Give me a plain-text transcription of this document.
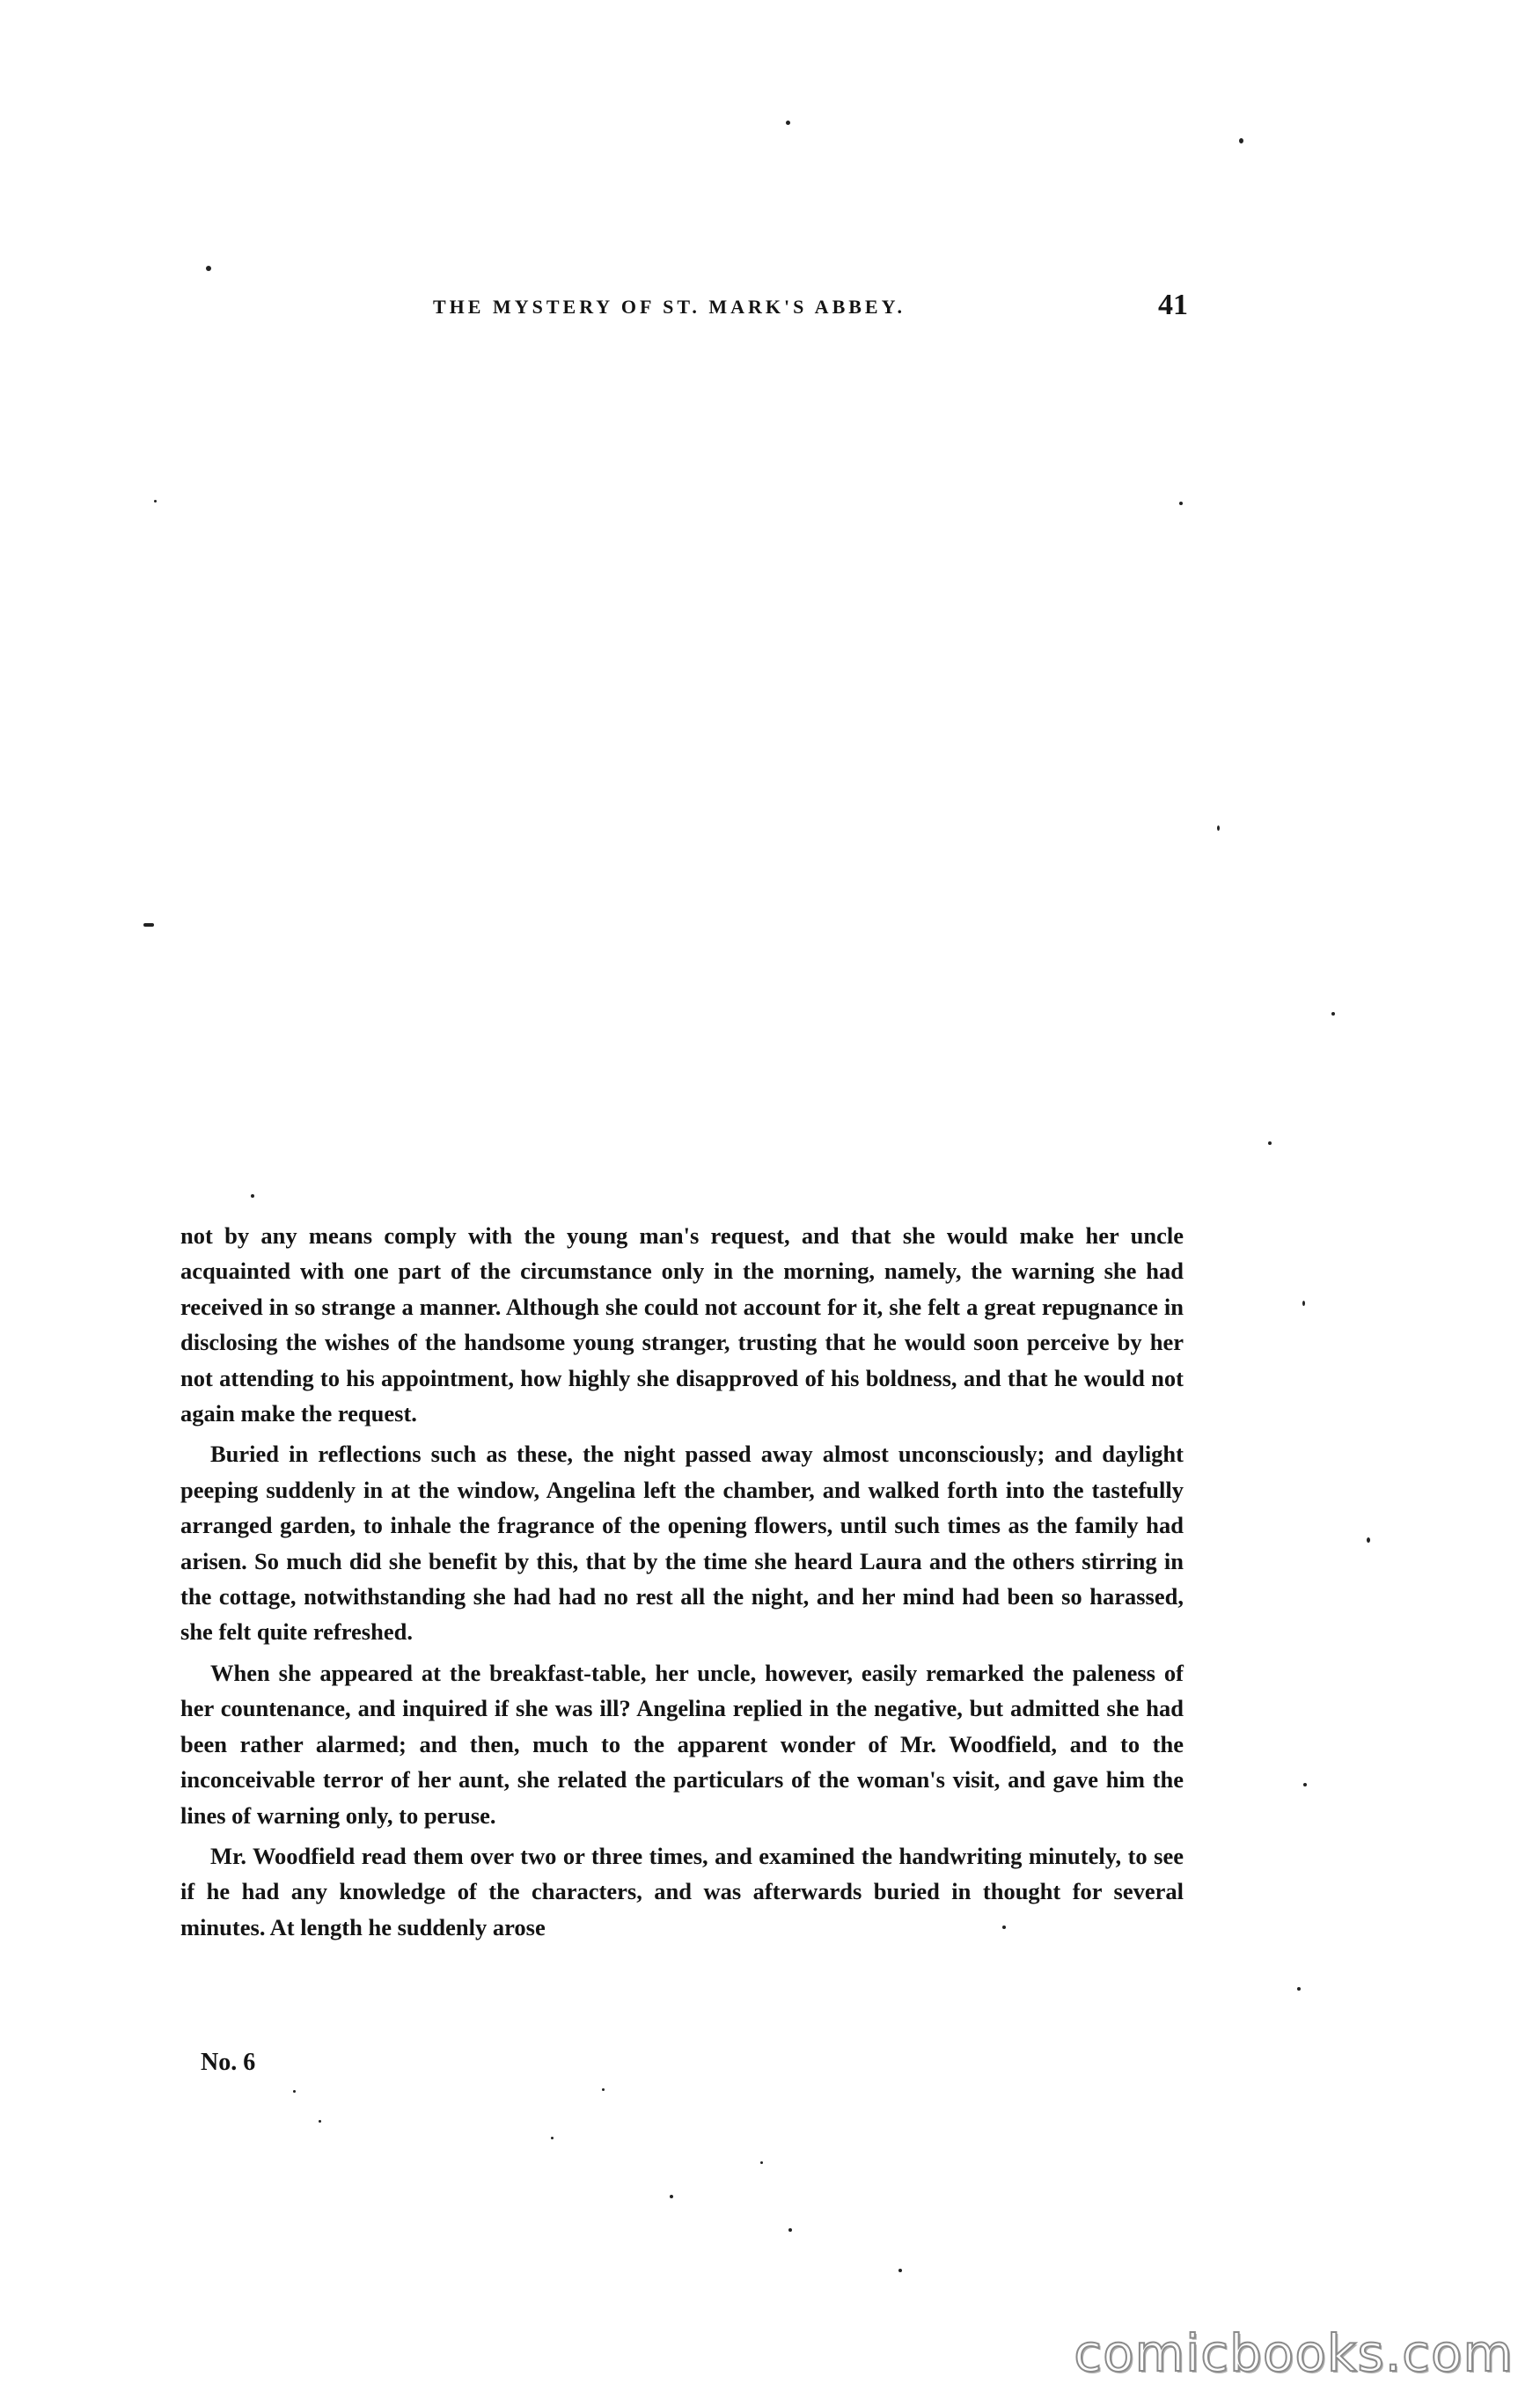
THE MYSTERY OF ST. MARK'S ABBEY.	41

not by any means comply with the young man's request, and that she would make her uncle acquainted with one part of the circumstance only in the morning, namely, the warning she had received in so strange a manner. Although she could not account for it, she felt a great repugnance in disclosing the wishes of the handsome young stranger, trusting that he would soon perceive by her not attending to his appointment, how highly she disapproved of his boldness, and that he would not again make the request.

Buried in reflections such as these, the night passed away almost unconsciously; and daylight peeping suddenly in at the window, Angelina left the chamber, and walked forth into the tastefully arranged garden, to inhale the fragrance of the opening flowers, until such times as the family had arisen. So much did she benefit by this, that by the time she heard Laura and the others stirring in the cottage, notwithstanding she had had no rest all the night, and her mind had been so harassed, she felt quite refreshed.

When she appeared at the breakfast-table, her uncle, however, easily remarked the paleness of her countenance, and inquired if she was ill? Angelina replied in the negative, but admitted she had been rather alarmed; and then, much to the apparent wonder of Mr. Woodfield, and to the inconceivable terror of her aunt, she related the particulars of the woman's visit, and gave him the lines of warning only, to peruse.

Mr. Woodfield read them over two or three times, and examined the handwriting minutely, to see if he had any knowledge of the characters, and was afterwards buried in thought for several minutes. At length he suddenly arose

No. 6
comicbooks.com
